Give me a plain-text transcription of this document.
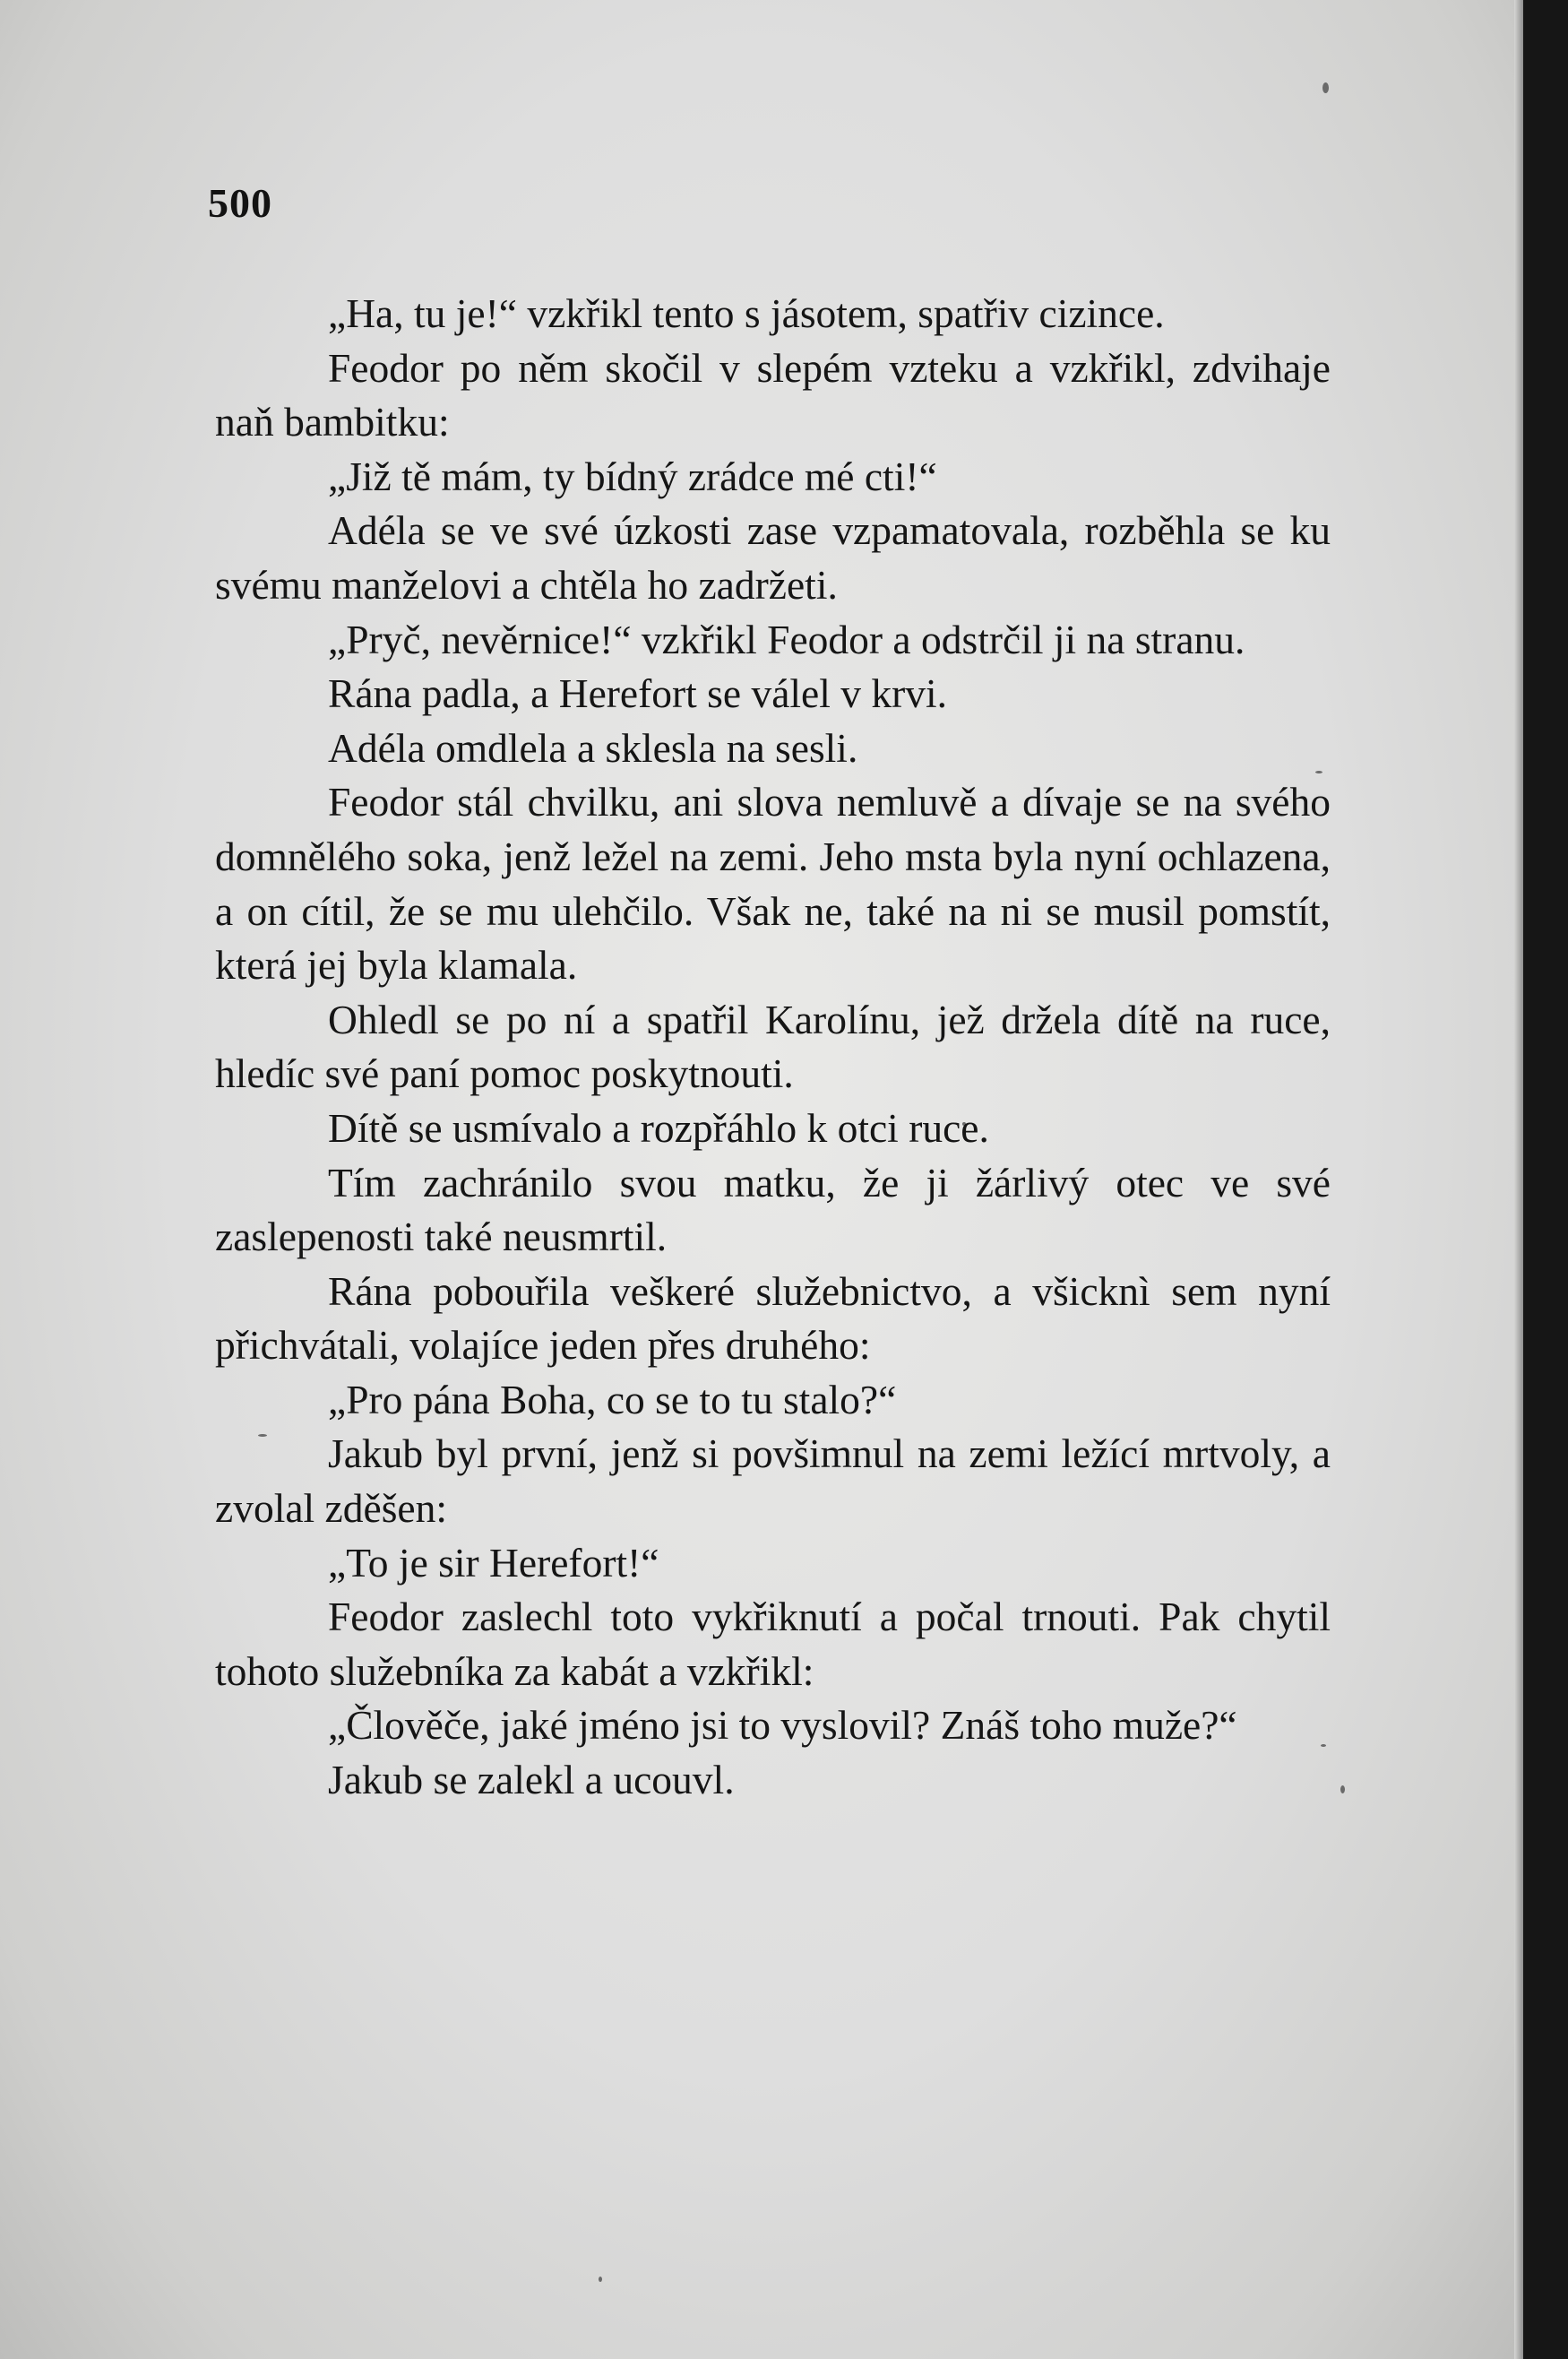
500

„Ha, tu je!“ vzkřikl tento s jásotem, spatřiv cizince.

Feodor po něm skočil v slepém vzteku a vzkřikl, zdvihaje naň bambitku:

„Již tě mám, ty bídný zrádce mé cti!“

Adéla se ve své úzkosti zase vzpamatovala, rozběhla se ku svému manželovi a chtěla ho zadržeti.

„Pryč, nevěrnice!“ vzkřikl Feodor a odstrčil ji na stranu.

Rána padla, a Herefort se válel v krvi.

Adéla omdlela a sklesla na sesli.

Feodor stál chvilku, ani slova nemluvě a dívaje se na svého domnělého soka, jenž ležel na zemi. Jeho msta byla nyní ochlazena, a on cítil, že se mu ulehčilo. Však ne, také na ni se musil pomstít, která jej byla klamala.

Ohledl se po ní a spatřil Karolínu, jež držela dítě na ruce, hledíc své paní pomoc poskytnouti.

Dítě se usmívalo a rozpřáhlo k otci ruce.

Tím zachránilo svou matku, že ji žárlivý otec ve své zaslepenosti také neusmrtil.

Rána pobouřila veškeré služebnictvo, a všicknì sem nyní přichvátali, volajíce jeden přes druhého:

„Pro pána Boha, co se to tu stalo?“

Jakub byl první, jenž si povšimnul na zemi ležící mrtvoly, a zvolal zděšen:

„To je sir Herefort!“

Feodor zaslechl toto vykřiknutí a počal trnouti. Pak chytil tohoto služebníka za kabát a vzkřikl:

„Člověče, jaké jméno jsi to vyslovil? Znáš toho muže?“

Jakub se zalekl a ucouvl.
